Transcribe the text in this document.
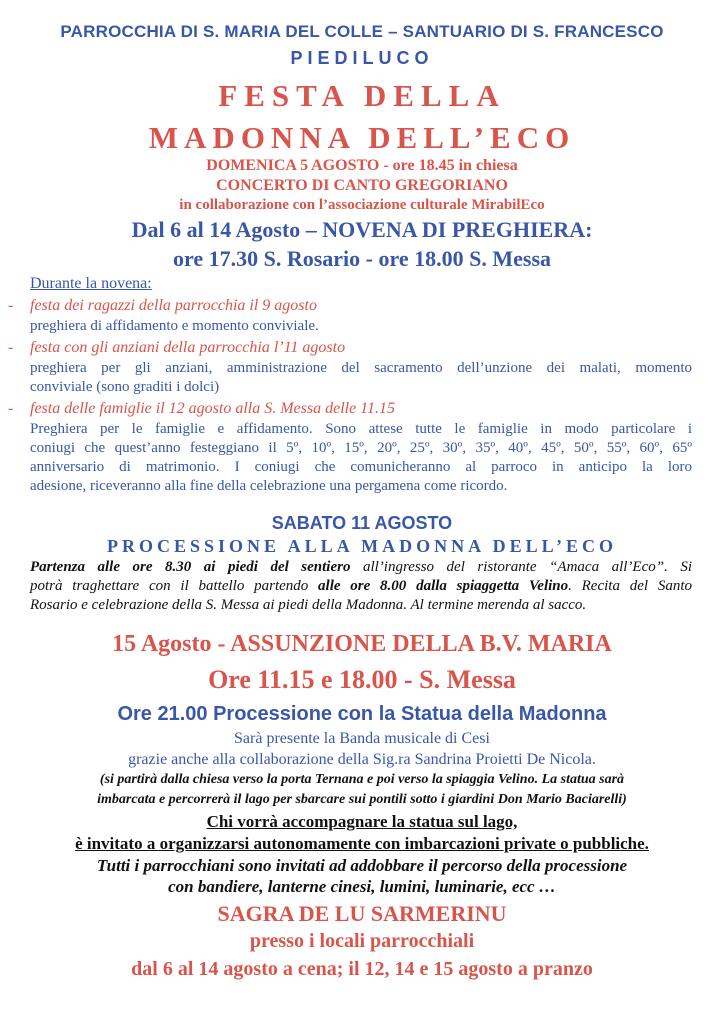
PARROCCHIA DI S. MARIA DEL COLLE – SANTUARIO DI S. FRANCESCO
PIEDILUCO
FESTA DELLA
MADONNA DELL’ECO
DOMENICA 5 AGOSTO - ore 18.45 in chiesa
CONCERTO DI CANTO GREGORIANO
in collaborazione con l’associazione culturale MirabilEco
Dal 6 al 14 Agosto – NOVENA DI PREGHIERA:
ore 17.30 S. Rosario - ore 18.00 S. Messa
Durante la novena:
- festa dei ragazzi della parrocchia il 9 agosto
preghiera di affidamento e momento conviviale.
- festa con gli anziani della parrocchia l’11 agosto
preghiera per gli anziani, amministrazione del sacramento dell’unzione dei malati, momento
conviviale (sono graditi i dolci)
- festa delle famiglie il 12 agosto alla S. Messa delle 11.15
Preghiera per le famiglie e affidamento. Sono attese tutte le famiglie in modo particolare i
coniugi che quest’anno festeggiano il 5º, 10º, 15º, 20º, 25º, 30º, 35º, 40º, 45º, 50º, 55º, 60º, 65º
anniversario di matrimonio. I coniugi che comunicheranno al parroco in anticipo la loro
adesione, riceveranno alla fine della celebrazione una pergamena come ricordo.
SABATO 11 AGOSTO
PROCESSIONE ALLA MADONNA DELL’ECO
Partenza alle ore 8.30 ai piedi del sentiero all’ingresso del ristorante “Amaca all’Eco”. Si
potrà traghettare con il battello partendo alle ore 8.00 dalla spiaggetta Velino. Recita del Santo
Rosario e celebrazione della S. Messa ai piedi della Madonna. Al termine merenda al sacco.
15 Agosto - ASSUNZIONE DELLA B.V. MARIA
Ore 11.15 e 18.00 - S. Messa
Ore 21.00 Processione con la Statua della Madonna
Sarà presente la Banda musicale di Cesi
grazie anche alla collaborazione della Sig.ra Sandrina Proietti De Nicola.
(si partirà dalla chiesa verso la porta Ternana e poi verso la spiaggia Velino. La statua sarà
imbarcata e percorrerà il lago per sbarcare sui pontili sotto i giardini Don Mario Baciarelli)
Chi vorrà accompagnare la statua sul lago,
è invitato a organizzarsi autonomamente con imbarcazioni private o pubbliche.
Tutti i parrocchiani sono invitati ad addobbare il percorso della processione
con bandiere, lanterne cinesi, lumini, luminarie, ecc …
SAGRA DE LU SARMERINU
presso i locali parrocchiali
dal 6 al 14 agosto a cena; il 12, 14 e 15 agosto a pranzo
